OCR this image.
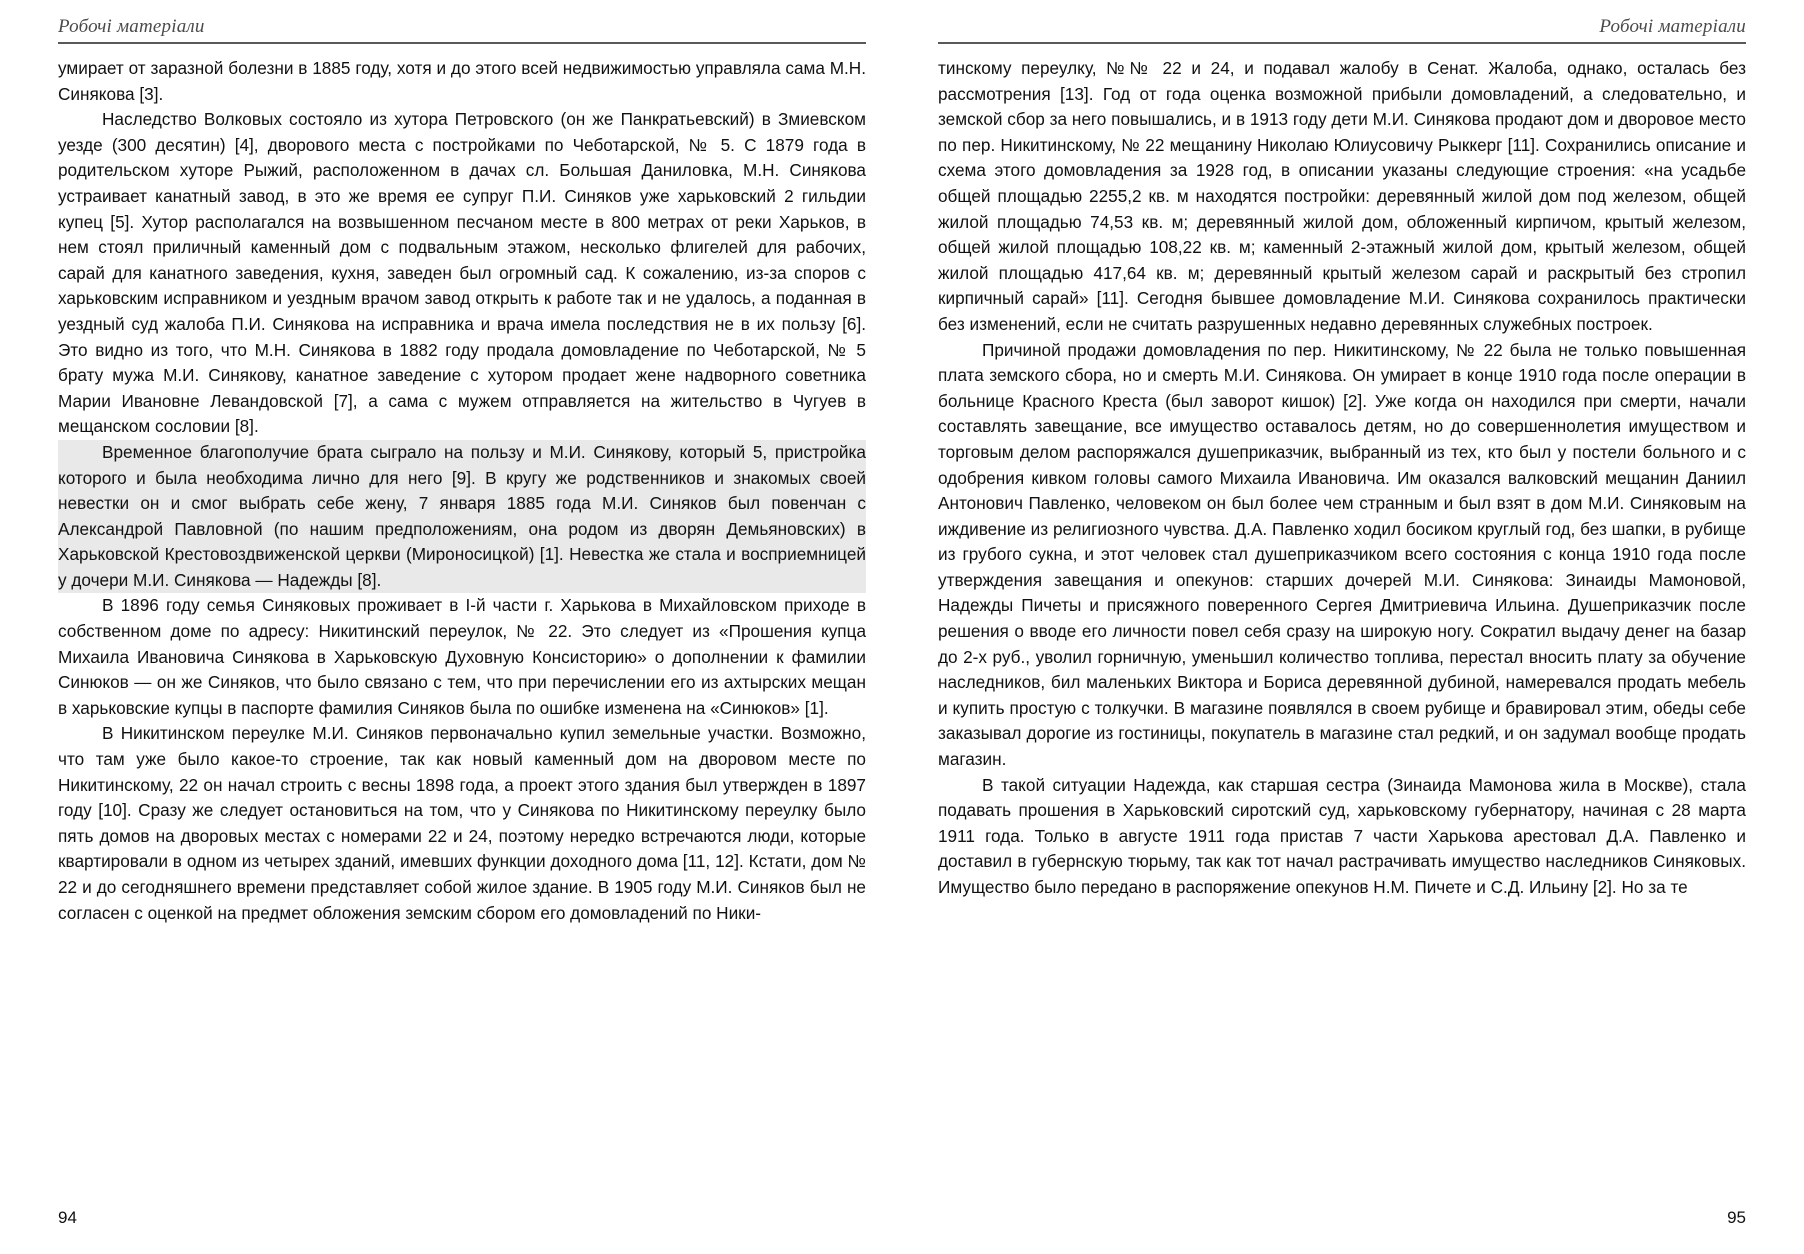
Робочі матеріали

умирает от заразной болезни в 1885 году, хотя и до этого всей недвижимостью управляла сама М.Н. Синякова [3].

Наследство Волковых состояло из хутора Петровского (он же Панкратьевский) в Змиевском уезде (300 десятин) [4], дворового места с постройками по Чеботарской, № 5. С 1879 года в родительском хуторе Рыжий, расположенном в дачах сл. Большая Даниловка, М.Н. Синякова устраивает канатный завод, в это же время ее супруг П.И. Синяков уже харьковский 2 гильдии купец [5]. Хутор располагался на возвышенном песчаном месте в 800 метрах от реки Харьков, в нем стоял приличный каменный дом с подвальным этажом, несколько флигелей для рабочих, сарай для канатного заведения, кухня, заведен был огромный сад. К сожалению, из-за споров с харьковским исправником и уездным врачом завод открыть к работе так и не удалось, а поданная в уездный суд жалоба П.И. Синякова на исправника и врача имела последствия не в их пользу [6]. Это видно из того, что М.Н. Синякова в 1882 году продала домовладение по Чеботарской, № 5 брату мужа М.И. Синякову, канатное заведение с хутором продает жене надворного советника Марии Ивановне Левандовской [7], а сама с мужем отправляется на жительство в Чугуев в мещанском сословии [8].

Временное благополучие брата сыграло на пользу и М.И. Синякову, который 5, пристройка которого и была необходима лично для него [9]. В кругу же родственников и знакомых своей невестки он и смог выбрать себе жену, 7 января 1885 года М.И. Синяков был повенчан с Александрой Павловной (по нашим предположениям, она родом из дворян Демьяновских) в Харьковской Крестовоздвиженской церкви (Мироносицкой) [1]. Невестка же стала и восприемницей у дочери М.И. Синякова — Надежды [8].

В 1896 году семья Синяковых проживает в I-й части г. Харькова в Михайловском приходе в собственном доме по адресу: Никитинский переулок, № 22. Это следует из «Прошения купца Михаила Ивановича Синякова в Харьковскую Духовную Консисторию» о дополнении к фамилии Синюков — он же Синяков, что было связано с тем, что при перечислении его из ахтырских мещан в харьковские купцы в паспорте фамилия Синяков была по ошибке изменена на «Синюков» [1].

В Никитинском переулке М.И. Синяков первоначально купил земельные участки. Возможно, что там уже было какое-то строение, так как новый каменный дом на дворовом месте по Никитинскому, 22 он начал строить с весны 1898 года, а проект этого здания был утвержден в 1897 году [10]. Сразу же следует остановиться на том, что у Синякова по Никитинскому переулку было пять домов на дворовых местах с номерами 22 и 24, поэтому нередко встречаются люди, которые квартировали в одном из четырех зданий, имевших функции доходного дома [11, 12]. Кстати, дом № 22 и до сегодняшнего времени представляет собой жилое здание. В 1905 году М.И. Синяков был не согласен с оценкой на предмет обложения земским сбором его домовладений по Ники-

94
Робочі матеріали

тинскому переулку, №№ 22 и 24, и подавал жалобу в Сенат. Жалоба, однако, осталась без рассмотрения [13]. Год от года оценка возможной прибыли домовладений, а следовательно, и земской сбор за него повышались, и в 1913 году дети М.И. Синякова продают дом и дворовое место по пер. Никитинскому, № 22 мещанину Николаю Юлиусовичу Рыккерг [11]. Сохранились описание и схема этого домовладения за 1928 год, в описании указаны следующие строения: «на усадьбе общей площадью 2255,2 кв. м находятся постройки: деревянный жилой дом под железом, общей жилой площадью 74,53 кв. м; деревянный жилой дом, обложенный кирпичом, крытый железом, общей жилой площадью 108,22 кв. м; каменный 2-этажный жилой дом, крытый железом, общей жилой площадью 417,64 кв. м; деревянный крытый железом сарай и раскрытый без стропил кирпичный сарай» [11]. Сегодня бывшее домовладение М.И. Синякова сохранилось практически без изменений, если не считать разрушенных недавно деревянных служебных построек.

Причиной продажи домовладения по пер. Никитинскому, № 22 была не только повышенная плата земского сбора, но и смерть М.И. Синякова. Он умирает в конце 1910 года после операции в больнице Красного Креста (был заворот кишок) [2]. Уже когда он находился при смерти, начали составлять завещание, все имущество оставалось детям, но до совершеннолетия имуществом и торговым делом распоряжался душеприказчик, выбранный из тех, кто был у постели больного и с одобрения кивком головы самого Михаила Ивановича. Им оказался валковский мещанин Даниил Антонович Павленко, человеком он был более чем странным и был взят в дом М.И. Синяковым на иждивение из религиозного чувства. Д.А. Павленко ходил босиком круглый год, без шапки, в рубище из грубого сукна, и этот человек стал душеприказчиком всего состояния с конца 1910 года после утверждения завещания и опекунов: старших дочерей М.И. Синякова: Зинаиды Мамоновой, Надежды Пичеты и присяжного поверенного Сергея Дмитриевича Ильина. Душеприказчик после решения о вводе его личности повел себя сразу на широкую ногу. Сократил выдачу денег на базар до 2-х руб., уволил горничную, уменьшил количество топлива, перестал вносить плату за обучение наследников, бил маленьких Виктора и Бориса деревянной дубиной, намеревался продать мебель и купить простую с толкучки. В магазине появлялся в своем рубище и бравировал этим, обеды себе заказывал дорогие из гостиницы, покупатель в магазине стал редкий, и он задумал вообще продать магазин.

В такой ситуации Надежда, как старшая сестра (Зинаида Мамонова жила в Москве), стала подавать прошения в Харьковский сиротский суд, харьковскому губернатору, начиная с 28 марта 1911 года. Только в августе 1911 года пристав 7 части Харькова арестовал Д.А. Павленко и доставил в губернскую тюрьму, так как тот начал растрачивать имущество наследников Синяковых. Имущество было передано в распоряжение опекунов Н.М. Пичете и С.Д. Ильину [2]. Но за те

95
